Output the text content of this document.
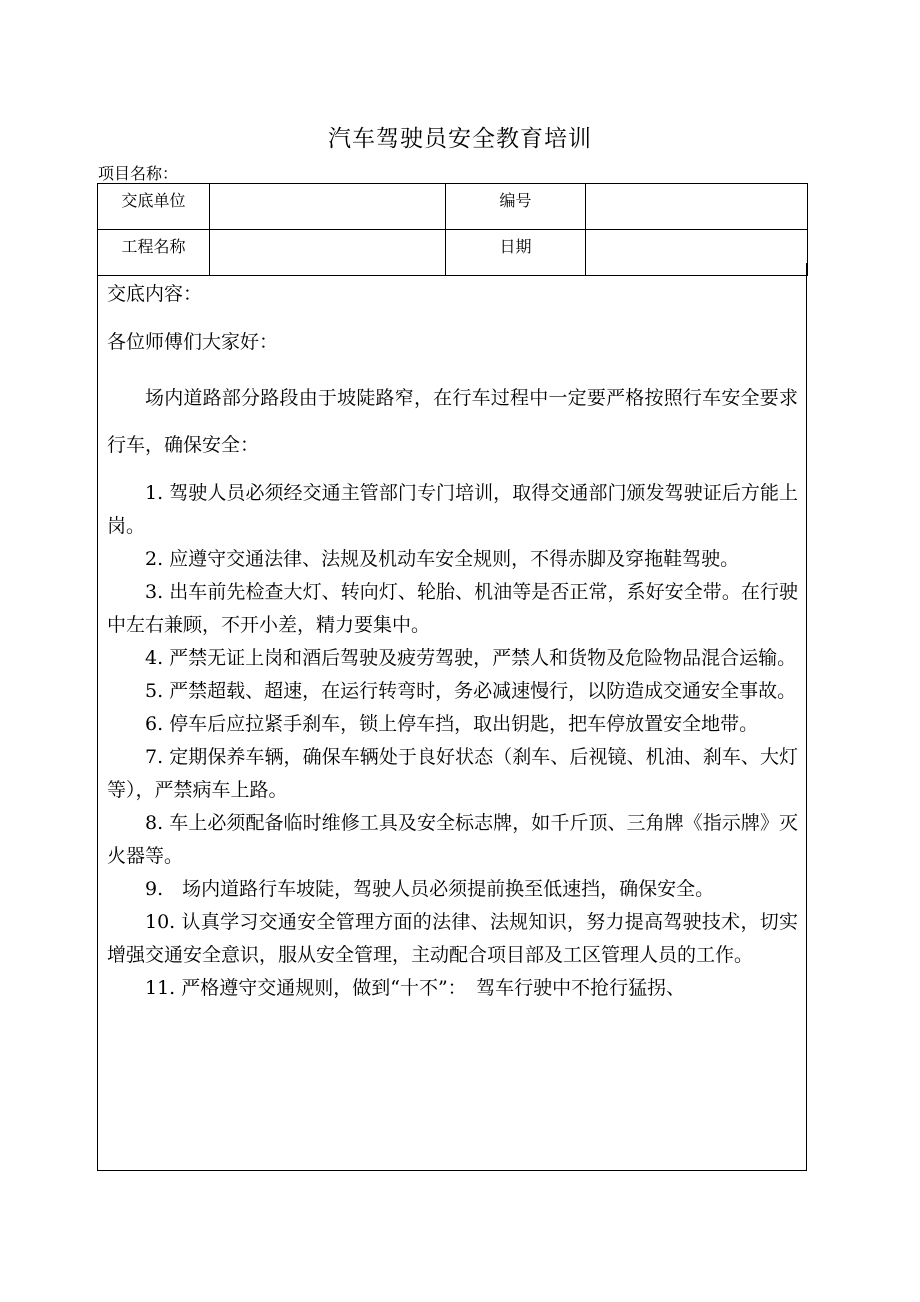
汽车驾驶员安全教育培训
项目名称：
交底单位		编号	
工程名称		日期	

交底内容：

各位师傅们大家好：

场内道路部分路段由于坡陡路窄，在行车过程中一定要严格按照行车安全要求行车，确保安全：

1. 驾驶人员必须经交通主管部门专门培训，取得交通部门颁发驾驶证后方能上岗。

2. 应遵守交通法律、法规及机动车安全规则，不得赤脚及穿拖鞋驾驶。

3. 出车前先检查大灯、转向灯、轮胎、机油等是否正常，系好安全带。在行驶中左右兼顾，不开小差，精力要集中。

4. 严禁无证上岗和酒后驾驶及疲劳驾驶，严禁人和货物及危险物品混合运输。

5. 严禁超载、超速，在运行转弯时，务必减速慢行，以防造成交通安全事故。

6. 停车后应拉紧手刹车，锁上停车挡，取出钥匙，把车停放置安全地带。

7. 定期保养车辆，确保车辆处于良好状态（刹车、后视镜、机油、刹车、大灯等），严禁病车上路。

8. 车上必须配备临时维修工具及安全标志牌，如千斤顶、三角牌《指示牌》灭火器等。

9.　场内道路行车坡陡，驾驶人员必须提前换至低速挡，确保安全。

10. 认真学习交通安全管理方面的法律、法规知识，努力提高驾驶技术，切实增强交通安全意识，服从安全管理，主动配合项目部及工区管理人员的工作。

11. 严格遵守交通规则，做到“十不”：　驾车行驶中不抢行猛拐、
